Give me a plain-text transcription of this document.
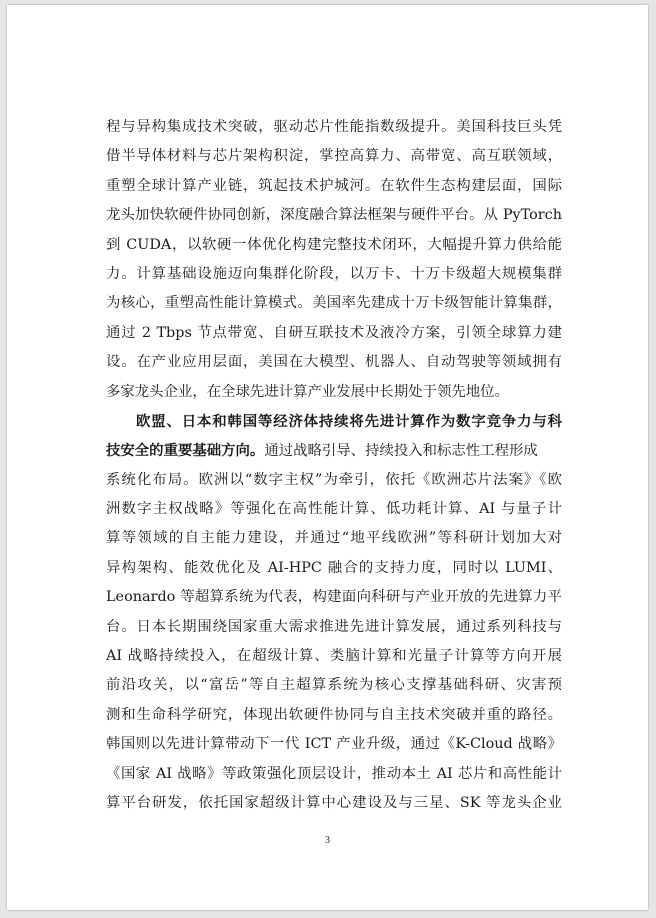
程与异构集成技术突破，驱动芯片性能指数级提升。美国科技巨头凭
借半导体材料与芯片架构积淀，掌控高算力、高带宽、高互联领域，
重塑全球计算产业链，筑起技术护城河。在软件生态构建层面，国际
龙头加快软硬件协同创新，深度融合算法框架与硬件平台。从 PyTorch
到 CUDA，以软硬一体优化构建完整技术闭环，大幅提升算力供给能
力。计算基础设施迈向集群化阶段，以万卡、十万卡级超大规模集群
为核心，重塑高性能计算模式。美国率先建成十万卡级智能计算集群，
通过 2 Tbps 节点带宽、自研互联技术及液冷方案，引领全球算力建
设。在产业应用层面，美国在大模型、机器人、自动驾驶等领域拥有
多家龙头企业，在全球先进计算产业发展中长期处于领先地位。
欧盟、日本和韩国等经济体持续将先进计算作为数字竞争力与科
技安全的重要基础方向。通过战略引导、持续投入和标志性工程形成
系统化布局。欧洲以“数字主权”为牵引，依托《欧洲芯片法案》《欧
洲数字主权战略》等强化在高性能计算、低功耗计算、AI 与量子计
算等领域的自主能力建设，并通过“地平线欧洲”等科研计划加大对
异构架构、能效优化及 AI-HPC 融合的支持力度，同时以 LUMI、
Leonardo 等超算系统为代表，构建面向科研与产业开放的先进算力平
台。日本长期围绕国家重大需求推进先进计算发展，通过系列科技与
AI 战略持续投入，在超级计算、类脑计算和光量子计算等方向开展
前沿攻关，以“富岳”等自主超算系统为核心支撑基础科研、灾害预
测和生命科学研究，体现出软硬件协同与自主技术突破并重的路径。
韩国则以先进计算带动下一代 ICT 产业升级，通过《K-Cloud 战略》
《国家 AI 战略》等政策强化顶层设计，推动本土 AI 芯片和高性能计
算平台研发，依托国家超级计算中心建设及与三星、SK 等龙头企业
3
